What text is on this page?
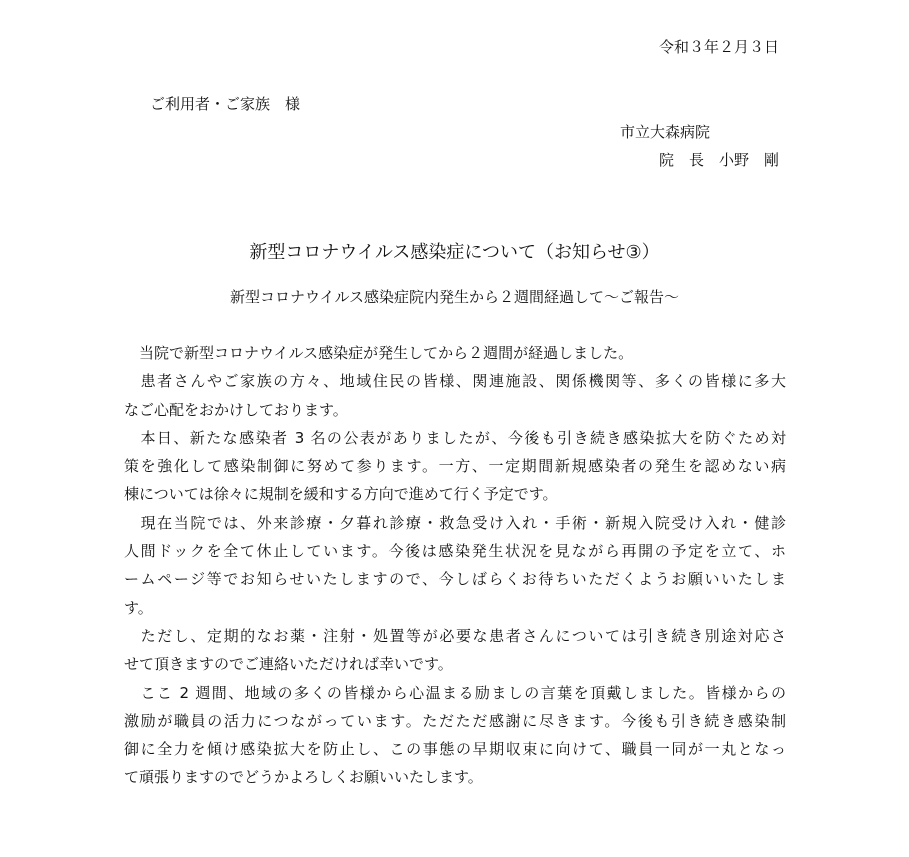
令和３年２月３日
ご利用者・ご家族　様
市立大森病院
院　長　小野　剛
新型コロナウイルス感染症について（お知らせ③）
新型コロナウイルス感染症院内発生から２週間経過して～ご報告～
　当院で新型コロナウイルス感染症が発生してから２週間が経過しました。
　患者さんやご家族の方々、地域住民の皆様、関連施設、関係機関等、多くの皆様に多大
なご心配をおかけしております。
　本日、新たな感染者 3 名の公表がありましたが、今後も引き続き感染拡大を防ぐため対
策を強化して感染制御に努めて参ります。一方、一定期間新規感染者の発生を認めない病
棟については徐々に規制を緩和する方向で進めて行く予定です。
　現在当院では、外来診療・夕暮れ診療・救急受け入れ・手術・新規入院受け入れ・健診
人間ドックを全て休止しています。今後は感染発生状況を見ながら再開の予定を立て、ホ
ームページ等でお知らせいたしますので、今しばらくお待ちいただくようお願いいたしま
す。
　ただし、定期的なお薬・注射・処置等が必要な患者さんについては引き続き別途対応さ
せて頂きますのでご連絡いただければ幸いです。
　ここ 2 週間、地域の多くの皆様から心温まる励ましの言葉を頂戴しました。皆様からの
激励が職員の活力につながっています。ただただ感謝に尽きます。今後も引き続き感染制
御に全力を傾け感染拡大を防止し、この事態の早期収束に向けて、職員一同が一丸となっ
て頑張りますのでどうかよろしくお願いいたします。
